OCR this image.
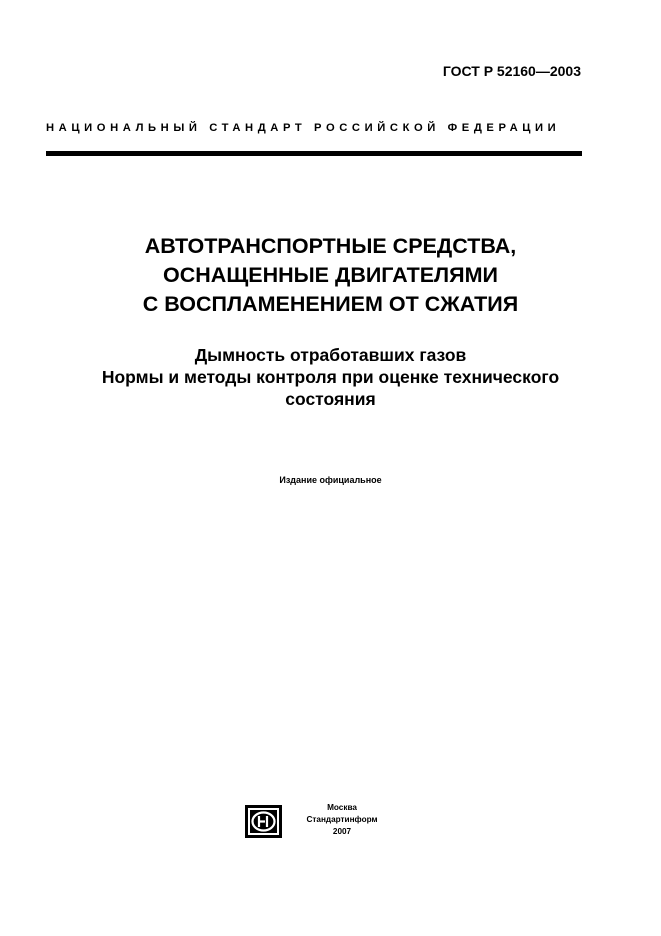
ГОСТ Р 52160—2003
НАЦИОНАЛЬНЫЙ СТАНДАРТ РОССИЙСКОЙ ФЕДЕРАЦИИ
АВТОТРАНСПОРТНЫЕ СРЕДСТВА,
ОСНАЩЕННЫЕ ДВИГАТЕЛЯМИ
С ВОСПЛАМЕНЕНИЕМ ОТ СЖАТИЯ
Дымность отработавших газов
Нормы и методы контроля при оценке технического
состояния
Издание официальное
Москва
Стандартинформ
2007
